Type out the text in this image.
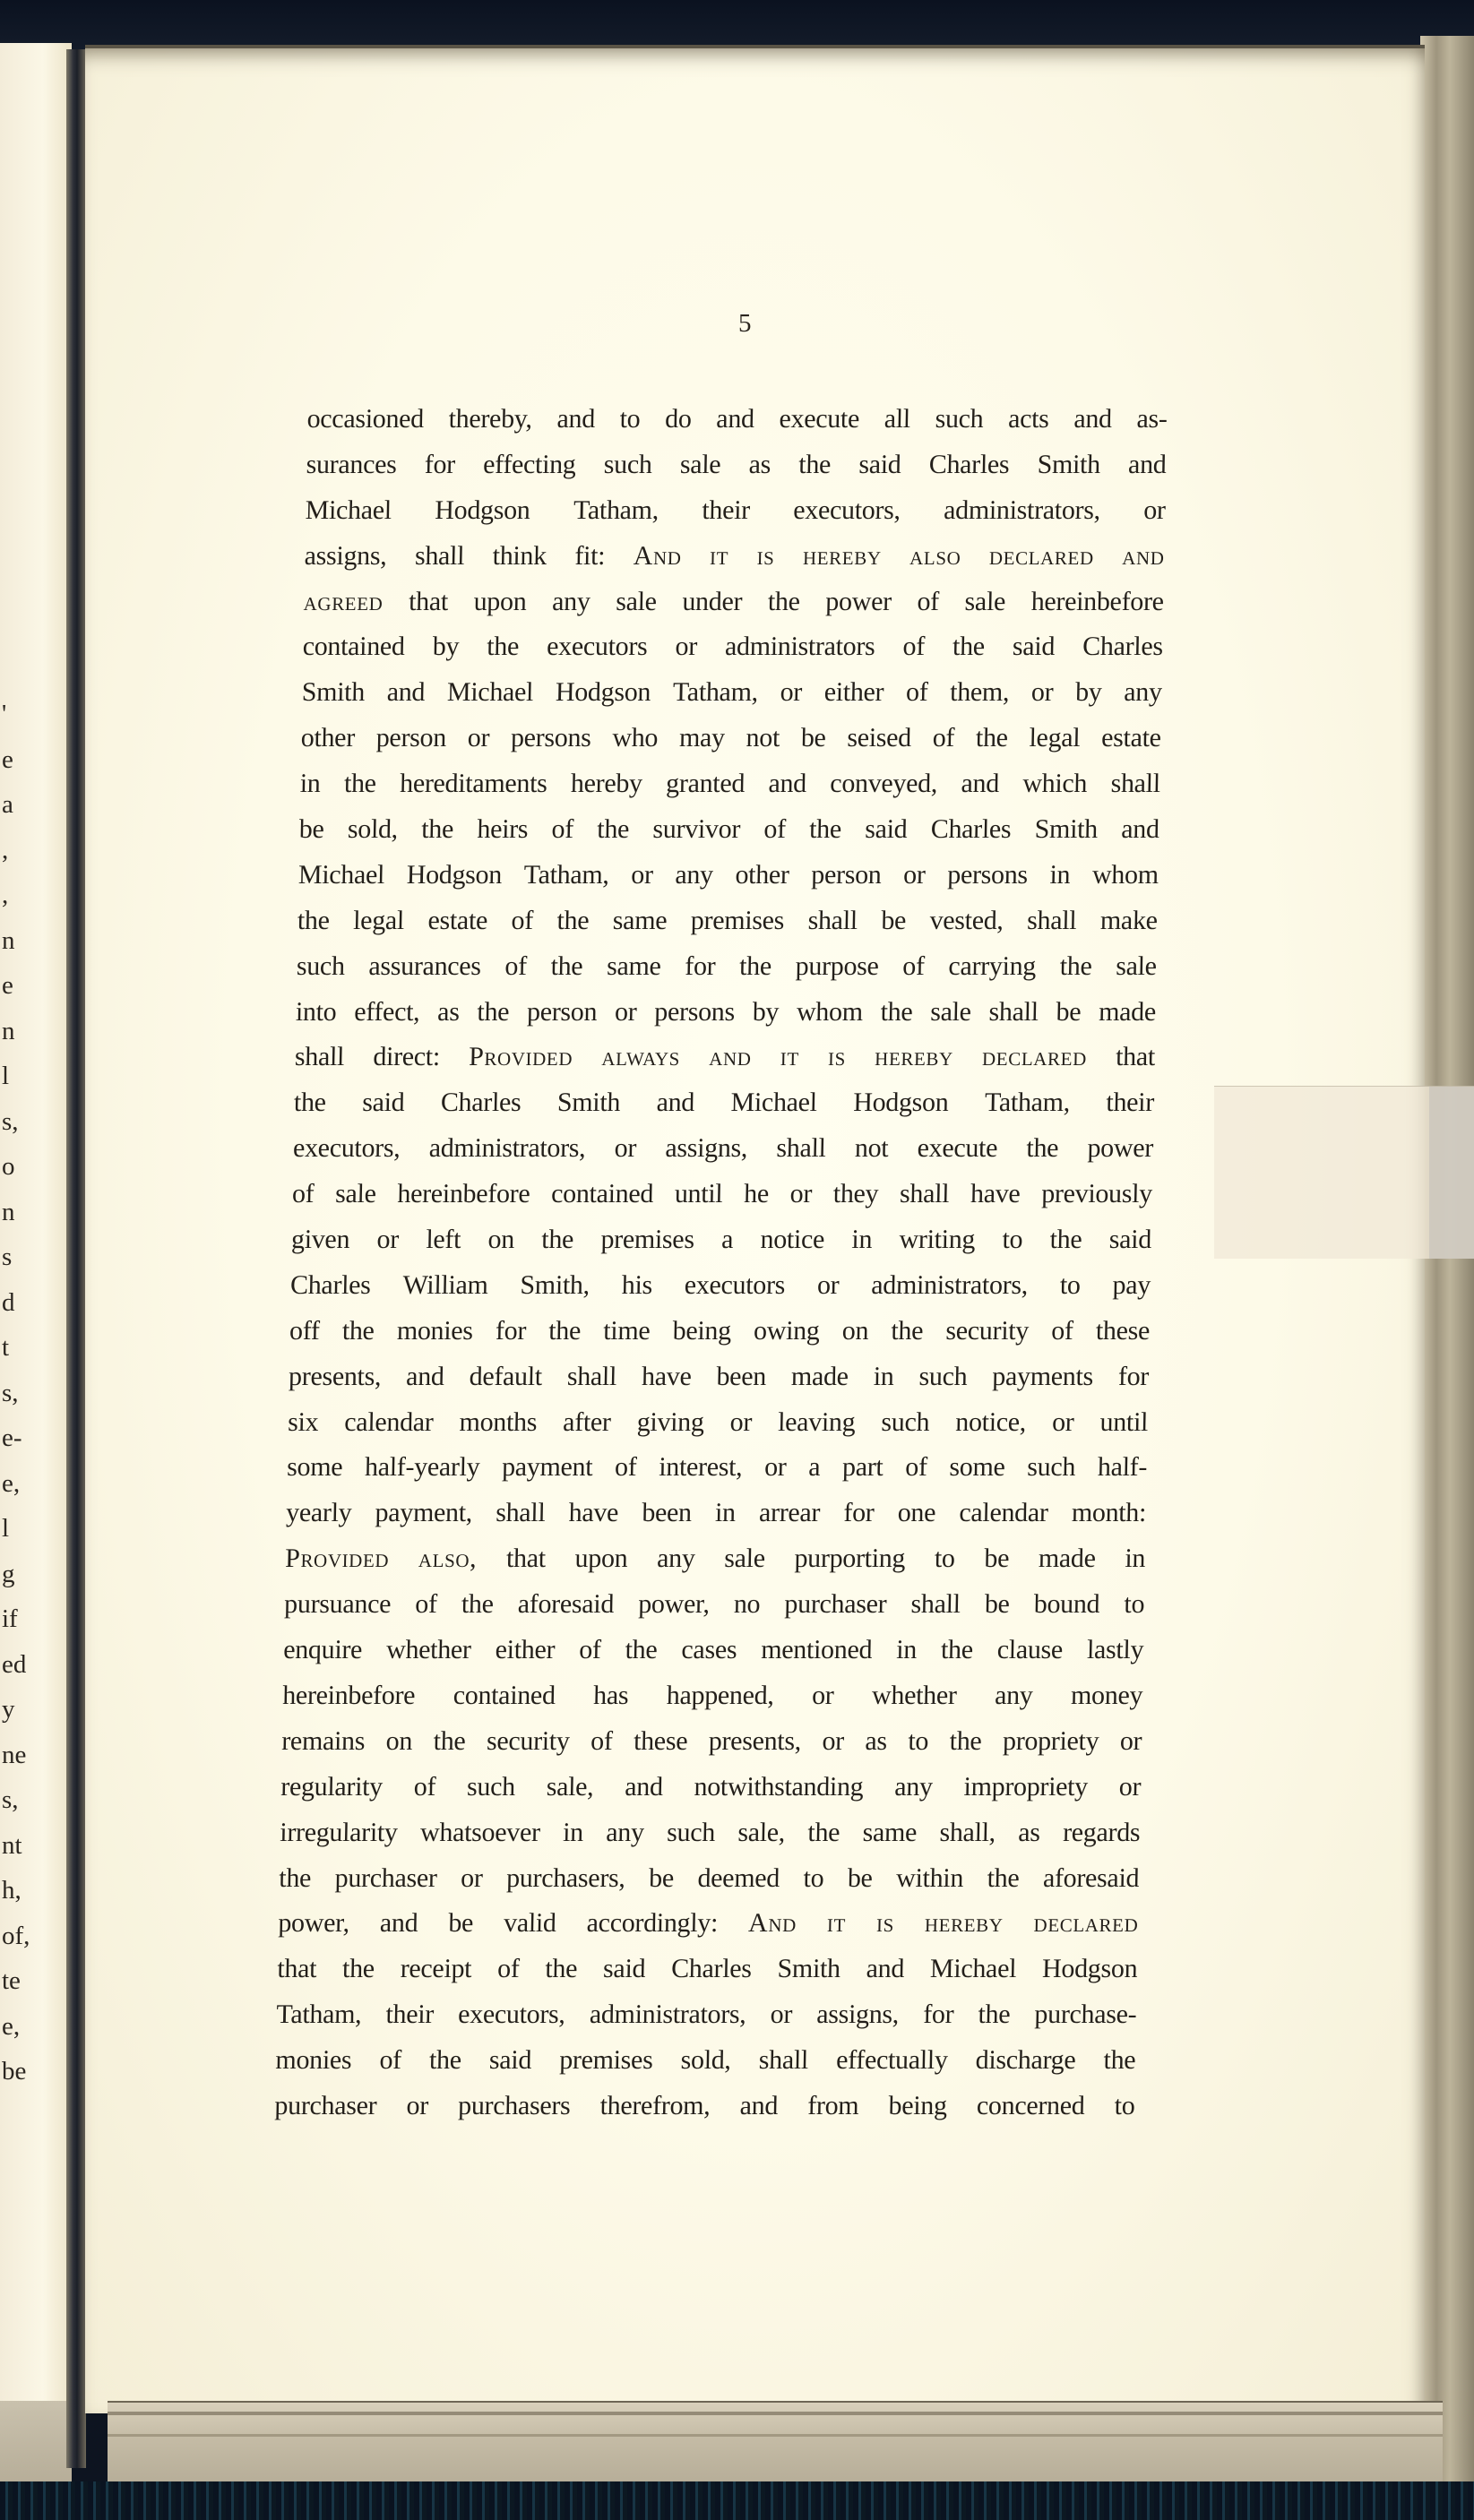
'
e
a
,
,
n
e
n
l
s,
o
n
s
d
t
s,
e-
e,
l
g
if
ed
y
ne
s,
nt
h,
of,
te
e,
be
5
occasioned thereby, and to do and execute all such acts and as-
surances for effecting such sale as the said Charles Smith and
Michael Hodgson Tatham, their executors, administrators, or
assigns, shall think fit: And it is hereby also declared and
agreed that upon any sale under the power of sale hereinbefore
contained by the executors or administrators of the said Charles
Smith and Michael Hodgson Tatham, or either of them, or by any
other person or persons who may not be seised of the legal estate
in the hereditaments hereby granted and conveyed, and which shall
be sold, the heirs of the survivor of the said Charles Smith and
Michael Hodgson Tatham, or any other person or persons in whom
the legal estate of the same premises shall be vested, shall make
such assurances of the same for the purpose of carrying the sale
into effect, as the person or persons by whom the sale shall be made
shall direct: Provided always and it is hereby declared that
the said Charles Smith and Michael Hodgson Tatham, their
executors, administrators, or assigns, shall not execute the power
of sale hereinbefore contained until he or they shall have previously
given or left on the premises a notice in writing to the said
Charles William Smith, his executors or administrators, to pay
off the monies for the time being owing on the security of these
presents, and default shall have been made in such payments for
six calendar months after giving or leaving such notice, or until
some half-yearly payment of interest, or a part of some such half-
yearly payment, shall have been in arrear for one calendar month:
Provided also, that upon any sale purporting to be made in
pursuance of the aforesaid power, no purchaser shall be bound to
enquire whether either of the cases mentioned in the clause lastly
hereinbefore contained has happened, or whether any money
remains on the security of these presents, or as to the propriety or
regularity of such sale, and notwithstanding any impropriety or
irregularity whatsoever in any such sale, the same shall, as regards
the purchaser or purchasers, be deemed to be within the aforesaid
power, and be valid accordingly: And it is hereby declared
that the receipt of the said Charles Smith and Michael Hodgson
Tatham, their executors, administrators, or assigns, for the purchase-
monies of the said premises sold, shall effectually discharge the
purchaser or purchasers therefrom, and from being concerned to
